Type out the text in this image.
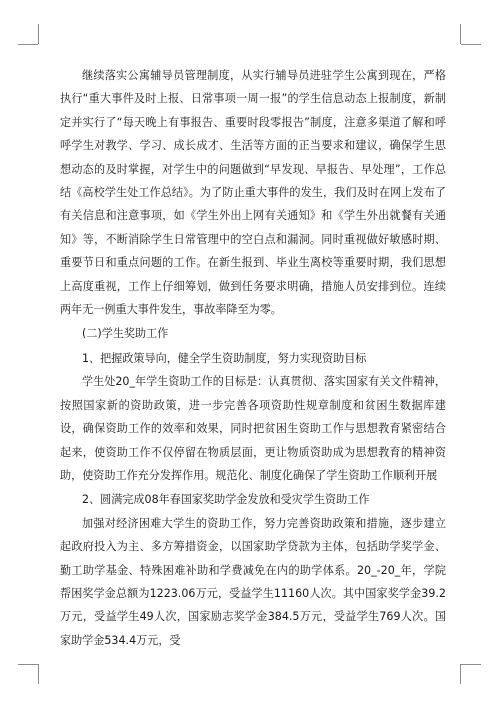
继续落实公寓辅导员管理制度，从实行辅导员进驻学生公寓到现在，严格执行“重大事件及时上报、日常事项一周一报”的学生信息动态上报制度，新制定并实行了“每天晚上有事报告、重要时段零报告”制度，注意多渠道了解和呼呼学生对教学、学习、成长成才、生活等方面的正当要求和建议，确保学生思想动态的及时掌握，对学生中的问题做到“早发现、早报告、早处理”，工作总结《高校学生处工作总结》。为了防止重大事件的发生，我们及时在网上发布了有关信息和注意事项，如《学生外出上网有关通知》和《学生外出就餐有关通知》等，不断消除学生日常管理中的空白点和漏洞。同时重视做好敏感时期、重要节日和重点问题的工作。在新生报到、毕业生离校等重要时期，我们思想上高度重视，工作上仔细筹划，做到任务要求明确，措施人员安排到位。连续两年无一例重大事件发生，事故率降至为零。

(二)学生奖助工作

1、把握政策导向，健全学生资助制度，努力实现资助目标

学生处20_年学生资助工作的目标是：认真贯彻、落实国家有关文件精神，按照国家新的资助政策，进一步完善各项资助性规章制度和贫困生数据库建设，确保资助工作的效率和效果，同时把贫困生资助工作与思想教育紧密结合起来，使资助工作不仅停留在物质层面，更让物质资助成为思想教育的精神资助，使资助工作充分发挥作用。规范化、制度化确保了学生资助工作顺利开展

2、圆满完成08年春国家奖助学金发放和受灾学生资助工作

加强对经济困难大学生的资助工作，努力完善资助政策和措施，逐步建立起政府投入为主、多方筹措资金，以国家助学贷款为主体，包括助学奖学金、勤工助学基金、特殊困难补助和学费减免在内的助学体系。20_-20_年，学院帮困奖学金总额为1223.06万元，受益学生11160人次。其中国家奖学金39.2万元，受益学生49人次，国家励志奖学金384.5万元，受益学生769人次。国家助学金534.4万元，受
